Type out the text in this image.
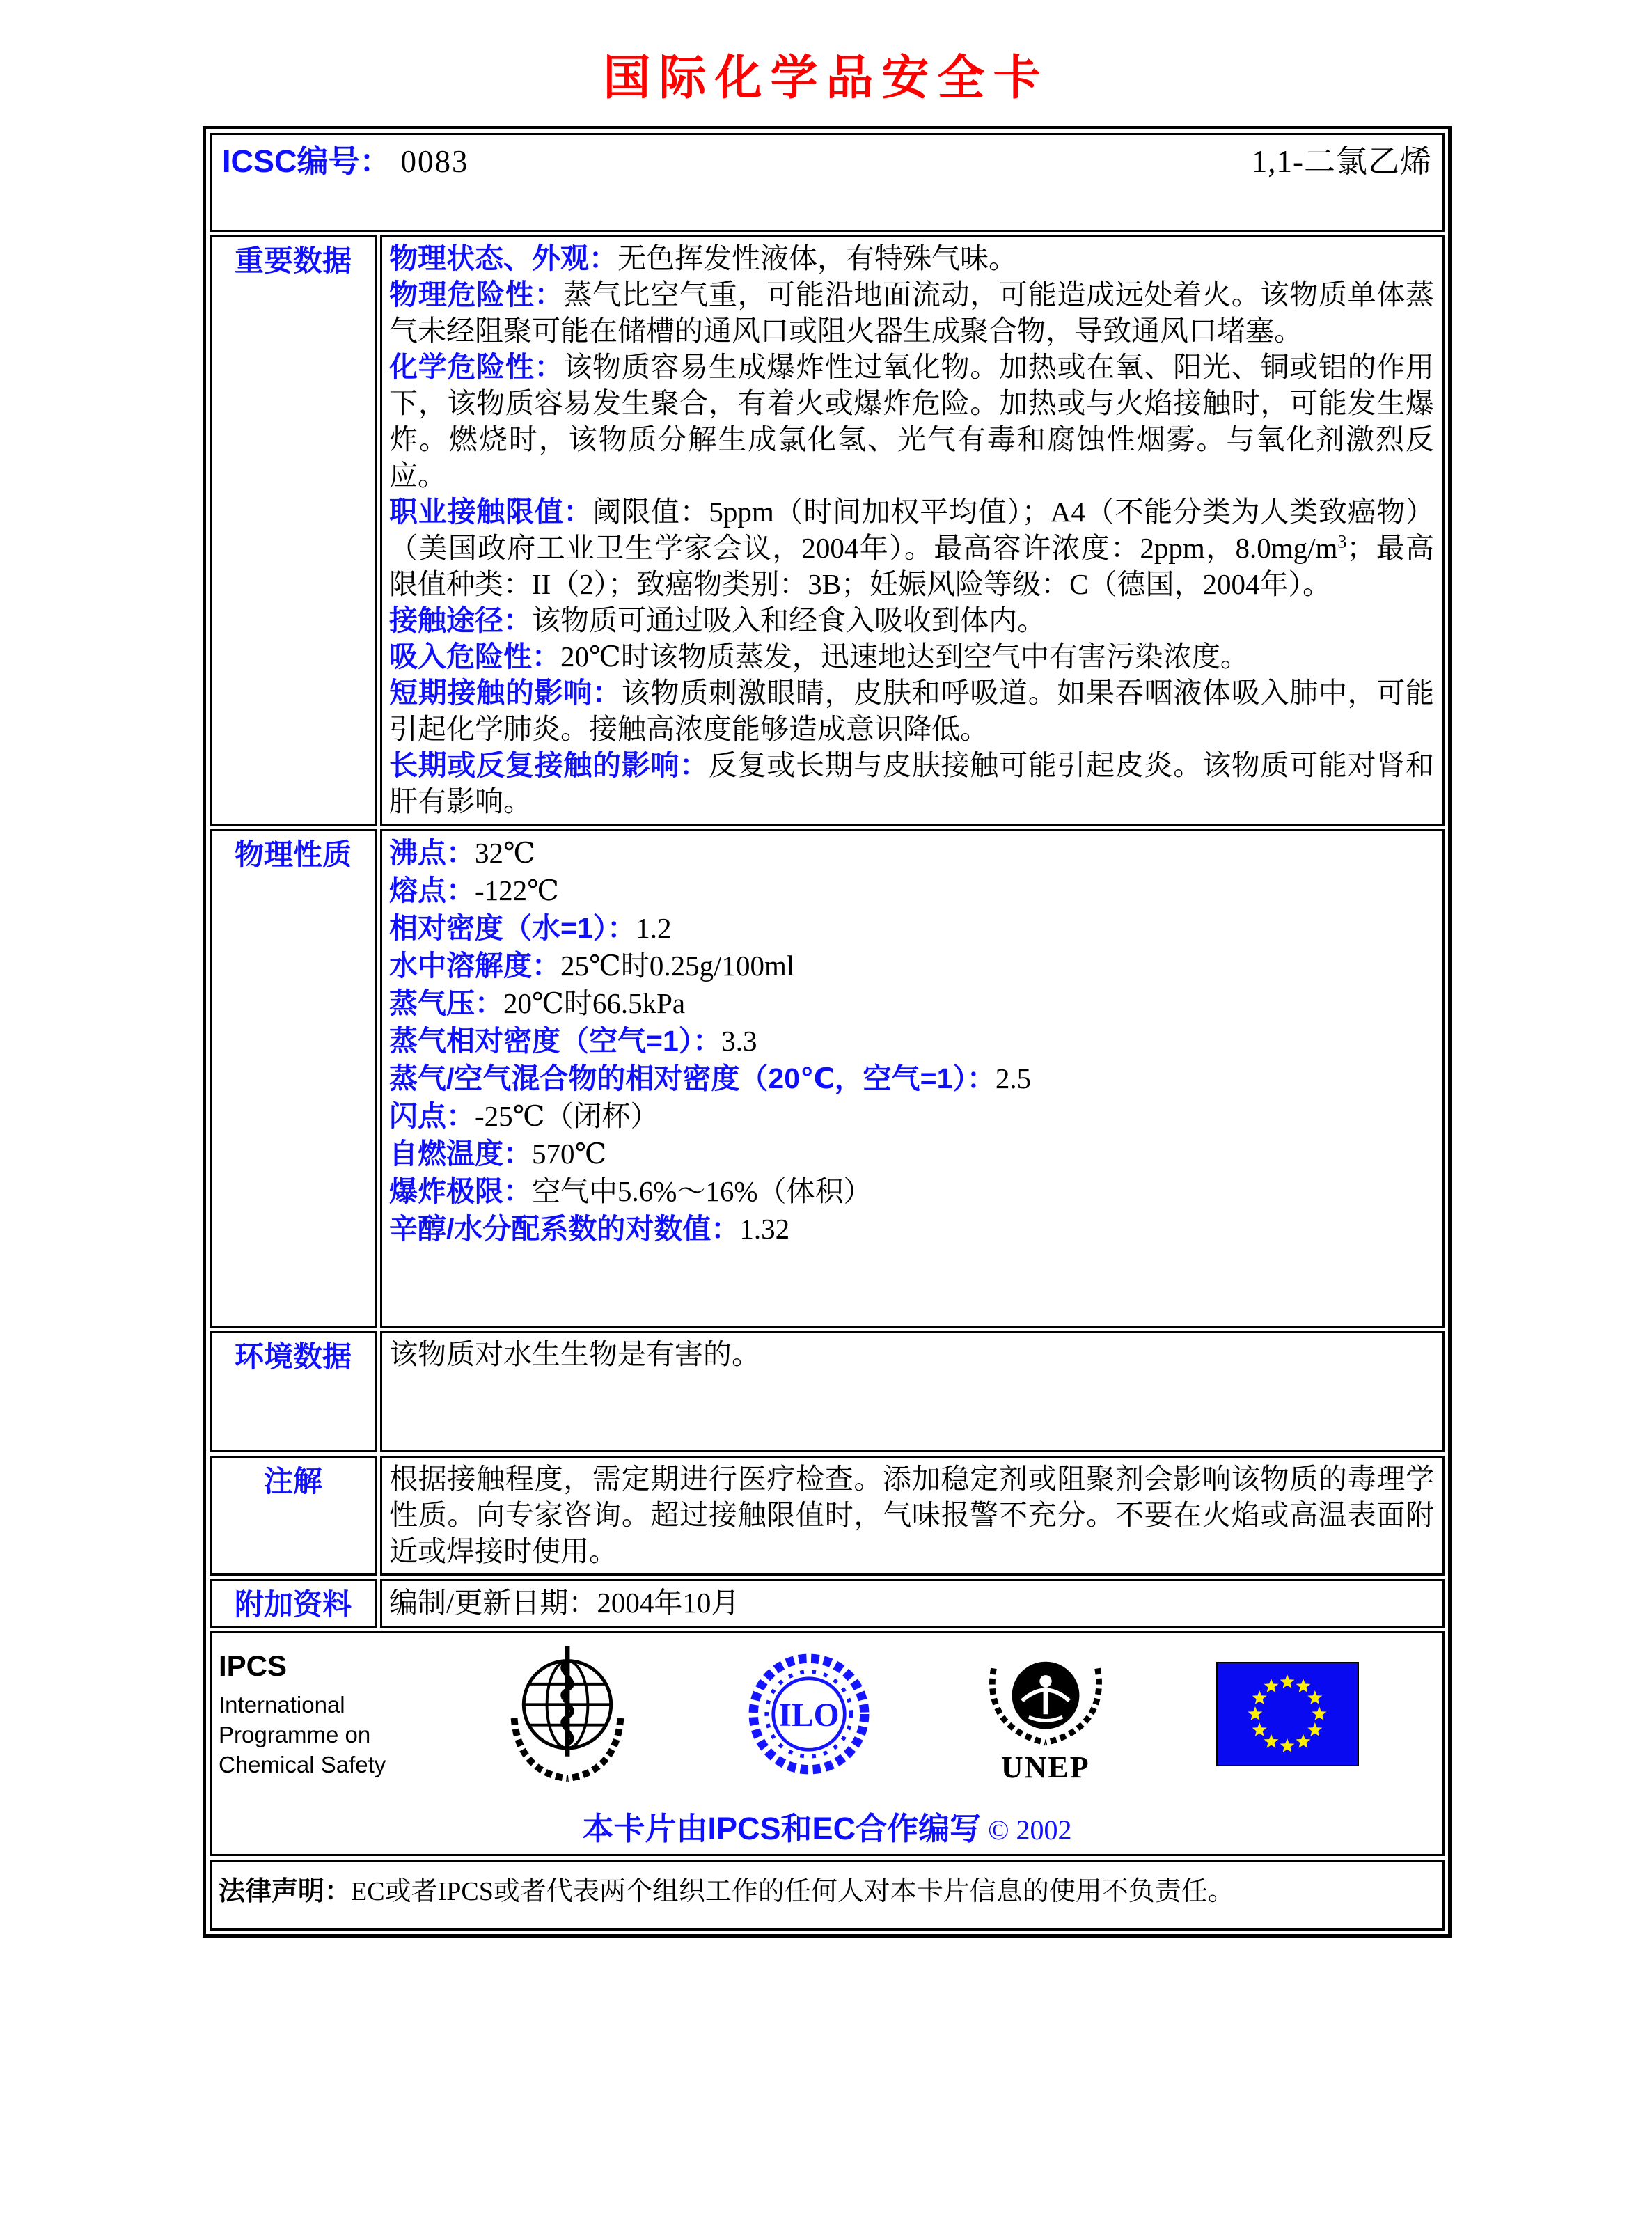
国际化学品安全卡
ICSC编号： 0083 1,1-二氯乙烯	

重要数据	物理状态、外观：无色挥发性液体，有特殊气味。
物理危险性：蒸气比空气重，可能沿地面流动，可能造成远处着火。该物质单体蒸气未经阻聚可能在储槽的通风口或阻火器生成聚合物，导致通风口堵塞。
化学危险性：该物质容易生成爆炸性过氧化物。加热或在氧、阳光、铜或铝的作用下，该物质容易发生聚合，有着火或爆炸危险。加热或与火焰接触时，可能发生爆炸。燃烧时，该物质分解生成氯化氢、光气有毒和腐蚀性烟雾。与氧化剂激烈反应。
职业接触限值：阈限值：5ppm（时间加权平均值）；A4（不能分类为人类致癌物）（美国政府工业卫生学家会议，2004年）。最高容许浓度：2ppm，$8.0mg/m^3$；最高限值种类：II（2）；致癌物类别：3B；妊娠风险等级：C（德国，2004年）。
接触途径：该物质可通过吸入和经食入吸收到体内。
吸入危险性：20℃时该物质蒸发，迅速地达到空气中有害污染浓度。
短期接触的影响：该物质刺激眼睛，皮肤和呼吸道。如果吞咽液体吸入肺中，可能引起化学肺炎。接触高浓度能够造成意识降低。
长期或反复接触的影响：反复或长期与皮肤接触可能引起皮炎。该物质可能对肾和肝有影响。

物理性质	沸点：32℃
熔点：-122℃
相对密度（水=1）：1.2
水中溶解度：25℃时0.25g/100ml
蒸气压：20℃时66.5kPa
蒸气相对密度（空气=1）：3.3
蒸气/空气混合物的相对密度（20℃，空气=1）：2.5
闪点：-25℃（闭杯）
自燃温度：570℃
爆炸极限：空气中5.6%～16%（体积）
辛醇/水分配系数的对数值：1.32

环境数据	该物质对水生生物是有害的。

注解	根据接触程度，需定期进行医疗检查。添加稳定剂或阻聚剂会影响该物质的毒理学性质。向专家咨询。超过接触限值时，气味报警不充分。不要在火焰或高温表面附近或焊接时使用。

附加资料	编制/更新日期：2004年10月

IPCS
International
Programme on
Chemical Safety
ILO
UNEP
本卡片由IPCS和EC合作编写 © 2002

法律声明：EC或者IPCS或者代表两个组织工作的任何人对本卡片信息的使用不负责任。	
